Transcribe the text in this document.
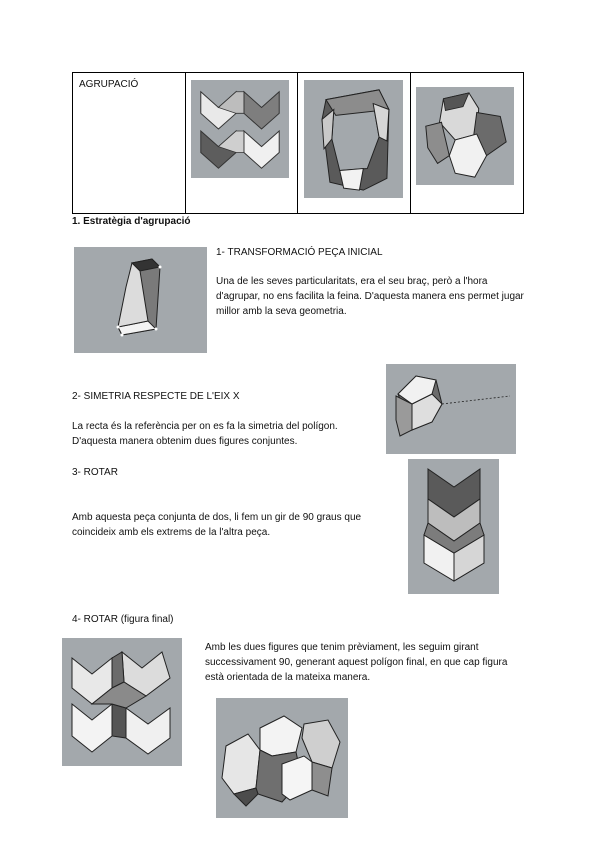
AGRUPACIÓ
1. Estratègia d'agrupació
1- TRANSFORMACIÓ PEÇA INICIAL
Una de les seves particularitats, era el seu braç, però a l'hora d'agrupar, no ens facilita la feina. D'aquesta manera ens permet jugar millor amb la seva geometria.
2- SIMETRIA RESPECTE DE L'EIX X
La recta és la referència per on es fa la simetria del polígon. D'aquesta manera obtenim dues figures conjuntes.
3- ROTAR
Amb aquesta peça conjunta de dos, li fem un gir de 90 graus que coincideix amb els extrems de la l'altra peça.
4- ROTAR (figura final)
Amb les dues figures que tenim prèviament, les seguim girant successivament 90, generant aquest polígon final, en que cap figura està orientada de la mateixa manera.
